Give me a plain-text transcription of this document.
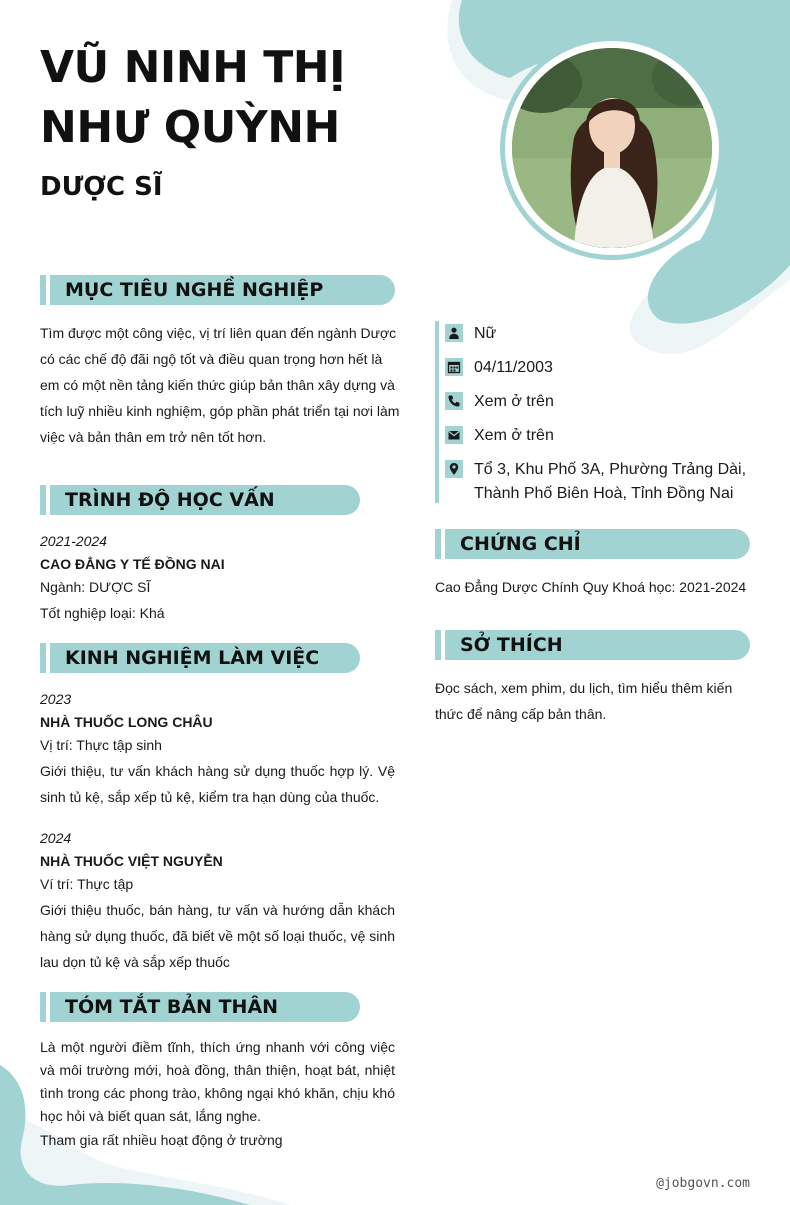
VŨ NINH THỊ
NHƯ QUỲNH
DƯỢC SĨ
MỤC TIÊU NGHỀ NGHIỆP
Tìm được một công việc, vị trí liên quan đến ngành Dược có các chế độ đãi ngộ tốt và điều quan trọng hơn hết là em có một nền tảng kiến thức giúp bản thân xây dựng và tích luỹ nhiều kinh nghiệm, góp phần phát triển tại nơi làm việc và bản thân em trở nên tốt hơn.
TRÌNH ĐỘ HỌC VẤN
2021-2024
CAO ĐẲNG Y TẾ ĐỒNG NAI
Ngành: DƯỢC SĨ
Tốt nghiệp loại: Khá
KINH NGHIỆM LÀM VIỆC
2023
NHÀ THUỐC LONG CHÂU
Vị trí: Thực tập sinh
Giới thiệu, tư vấn khách hàng sử dụng thuốc hợp lý. Vệ sinh tủ kệ, sắp xếp tủ kệ, kiểm tra hạn dùng của thuốc.
2024
NHÀ THUỐC VIỆT NGUYỄN
Ví trí: Thực tập
Giới thiệu thuốc, bán hàng, tư vấn và hướng dẫn khách hàng sử dụng thuốc, đã biết về một số loại thuốc, vệ sinh lau dọn tủ kệ và sắp xếp thuốc
TÓM TẮT BẢN THÂN
Là một người điềm tĩnh, thích ứng nhanh với công việc và môi trường mới, hoà đồng, thân thiện, hoạt bát, nhiệt tình trong các phong trào, không ngại khó khăn, chịu khó học hỏi và biết quan sát, lắng nghe.
Tham gia rất nhiều hoạt động ở trường
Nữ
04/11/2003
Xem ở trên
Xem ở trên
Tổ 3, Khu Phố 3A, Phường Trảng Dài, Thành Phố Biên Hoà, Tỉnh Đồng Nai
CHỨNG CHỈ
Cao Đẳng Dược Chính Quy Khoá học: 2021-2024
SỞ THÍCH
Đọc sách, xem phim, du lịch, tìm hiểu thêm kiến thức để nâng cấp bản thân.
@jobgovn.com
